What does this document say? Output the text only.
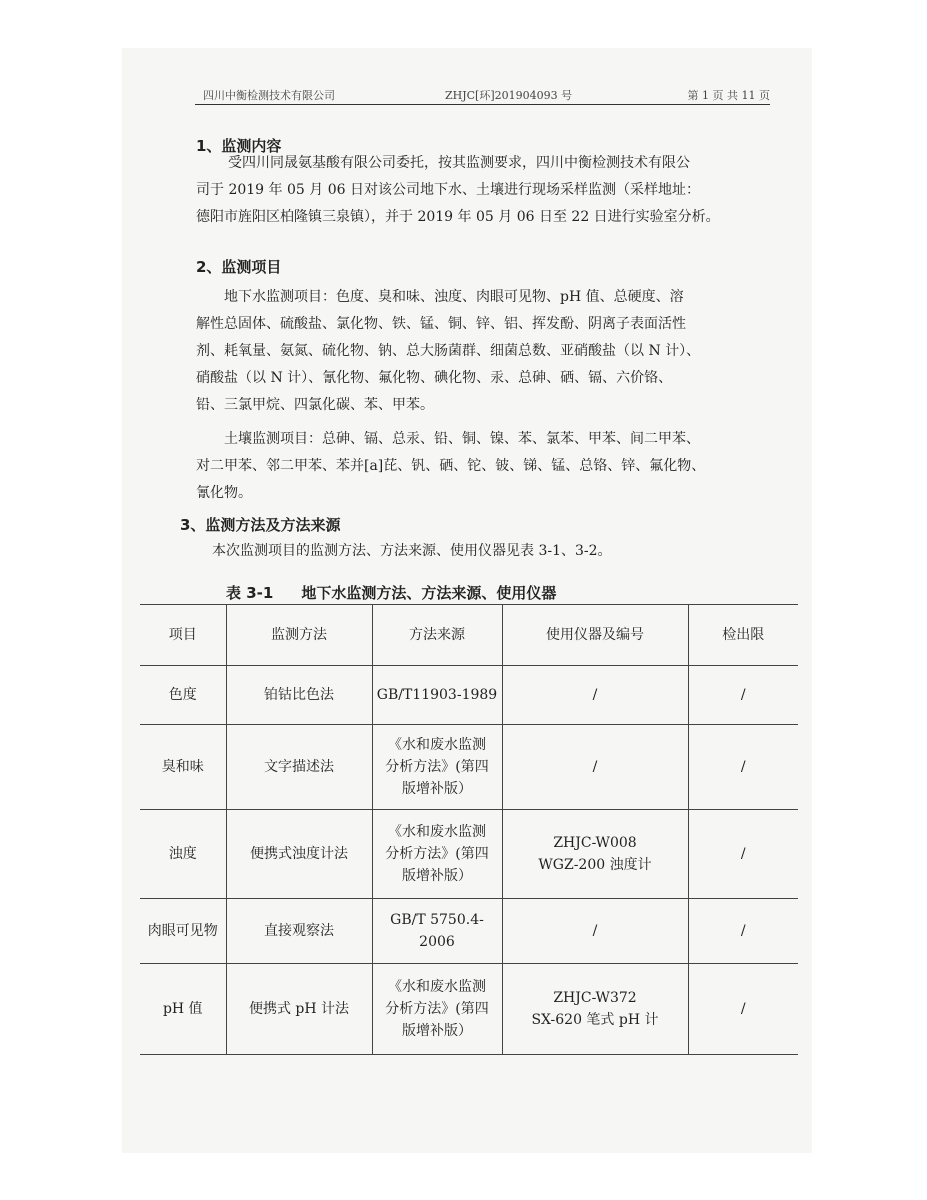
四川中衡检测技术有限公司	ZHJC[环]201904093 号	第 1 页 共 11 页
1、监测内容
受四川同晟氨基酸有限公司委托，按其监测要求，四川中衡检测技术有限公
司于 2019 年 05 月 06 日对该公司地下水、土壤进行现场采样监测（采样地址：
德阳市旌阳区柏隆镇三泉镇），并于 2019 年 05 月 06 日至 22 日进行实验室分析。
2、监测项目
地下水监测项目：色度、臭和味、浊度、肉眼可见物、pH 值、总硬度、溶
解性总固体、硫酸盐、氯化物、铁、锰、铜、锌、铝、挥发酚、阴离子表面活性
剂、耗氧量、氨氮、硫化物、钠、总大肠菌群、细菌总数、亚硝酸盐（以 N 计）、
硝酸盐（以 N 计）、氰化物、氟化物、碘化物、汞、总砷、硒、镉、六价铬、
铅、三氯甲烷、四氯化碳、苯、甲苯。
土壤监测项目：总砷、镉、总汞、铅、铜、镍、苯、氯苯、甲苯、间二甲苯、
对二甲苯、邻二甲苯、苯并[a]芘、钒、硒、铊、铍、锑、锰、总铬、锌、氟化物、
氰化物。
3、监测方法及方法来源
本次监测项目的监测方法、方法来源、使用仪器见表 3-1、3-2。
表 3-1 地下水监测方法、方法来源、使用仪器
项目	监测方法	方法来源	使用仪器及编号	检出限
色度	铂钴比色法	GB/T11903-1989	/	/
臭和味	文字描述法	《水和废水监测
分析方法》(第四
版增补版）	/	/
浊度	便携式浊度计法	《水和废水监测
分析方法》(第四
版增补版）	ZHJC-W008
WGZ-200 浊度计	/
肉眼可见物	直接观察法	GB/T 5750.4-2006	/	/
pH 值	便携式 pH 计法	《水和废水监测
分析方法》(第四
版增补版）	ZHJC-W372
SX-620 笔式 pH 计	/
